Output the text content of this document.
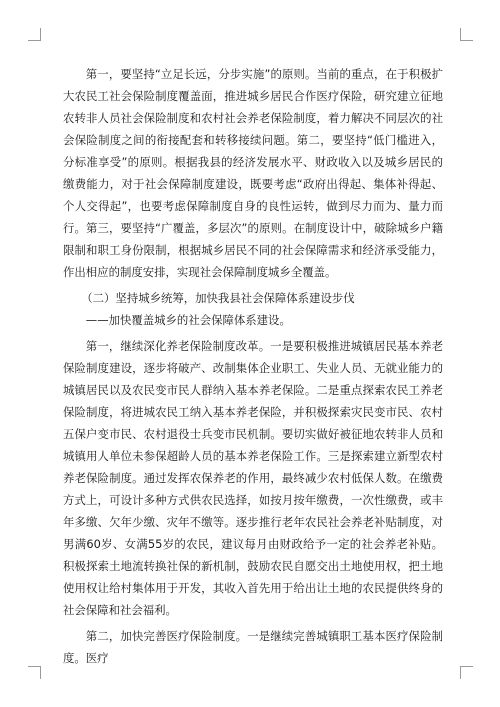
第一，要坚持“立足长远，分步实施”的原则。当前的重点，在于积极扩大农民工社会保险制度覆盖面，推进城乡居民合作医疗保险，研究建立征地农转非人员社会保险制度和农村社会养老保险制度，着力解决不同层次的社会保险制度之间的衔接配套和转移接续问题。第二，要坚持“低门槛进入，分标准享受”的原则。根据我县的经济发展水平、财政收入以及城乡居民的缴费能力，对于社会保障制度建设，既要考虑“政府出得起、集体补得起、个人交得起”，也要考虑保障制度自身的良性运转，做到尽力而为、量力而行。第三，要坚持“广覆盖，多层次”的原则。在制度设计中，破除城乡户籍限制和职工身份限制，根据城乡居民不同的社会保障需求和经济承受能力，作出相应的制度安排，实现社会保障制度城乡全覆盖。

（二）坚持城乡统筹，加快我县社会保障体系建设步伐

——加快覆盖城乡的社会保障体系建设。

第一，继续深化养老保险制度改革。一是要积极推进城镇居民基本养老保险制度建设，逐步将破产、改制集体企业职工、失业人员、无就业能力的城镇居民以及农民变市民人群纳入基本养老保险。二是重点探索农民工养老保险制度，将进城农民工纳入基本养老保险，并积极探索灾民变市民、农村五保户变市民、农村退役士兵变市民机制。要切实做好被征地农转非人员和城镇用人单位未参保超龄人员的基本养老保险工作。三是探索建立新型农村养老保险制度。通过发挥农保养老的作用，最终减少农村低保人数。在缴费方式上，可设计多种方式供农民选择，如按月按年缴费，一次性缴费，或丰年多缴、欠年少缴、灾年不缴等。逐步推行老年农民社会养老补贴制度，对男满60岁、女满55岁的农民，建议每月由财政给予一定的社会养老补贴。积极探索土地流转换社保的新机制，鼓励农民自愿交出土地使用权，把土地使用权让给村集体用于开发，其收入首先用于给出让土地的农民提供终身的社会保障和社会福利。

第二，加快完善医疗保险制度。一是继续完善城镇职工基本医疗保险制度。医疗
